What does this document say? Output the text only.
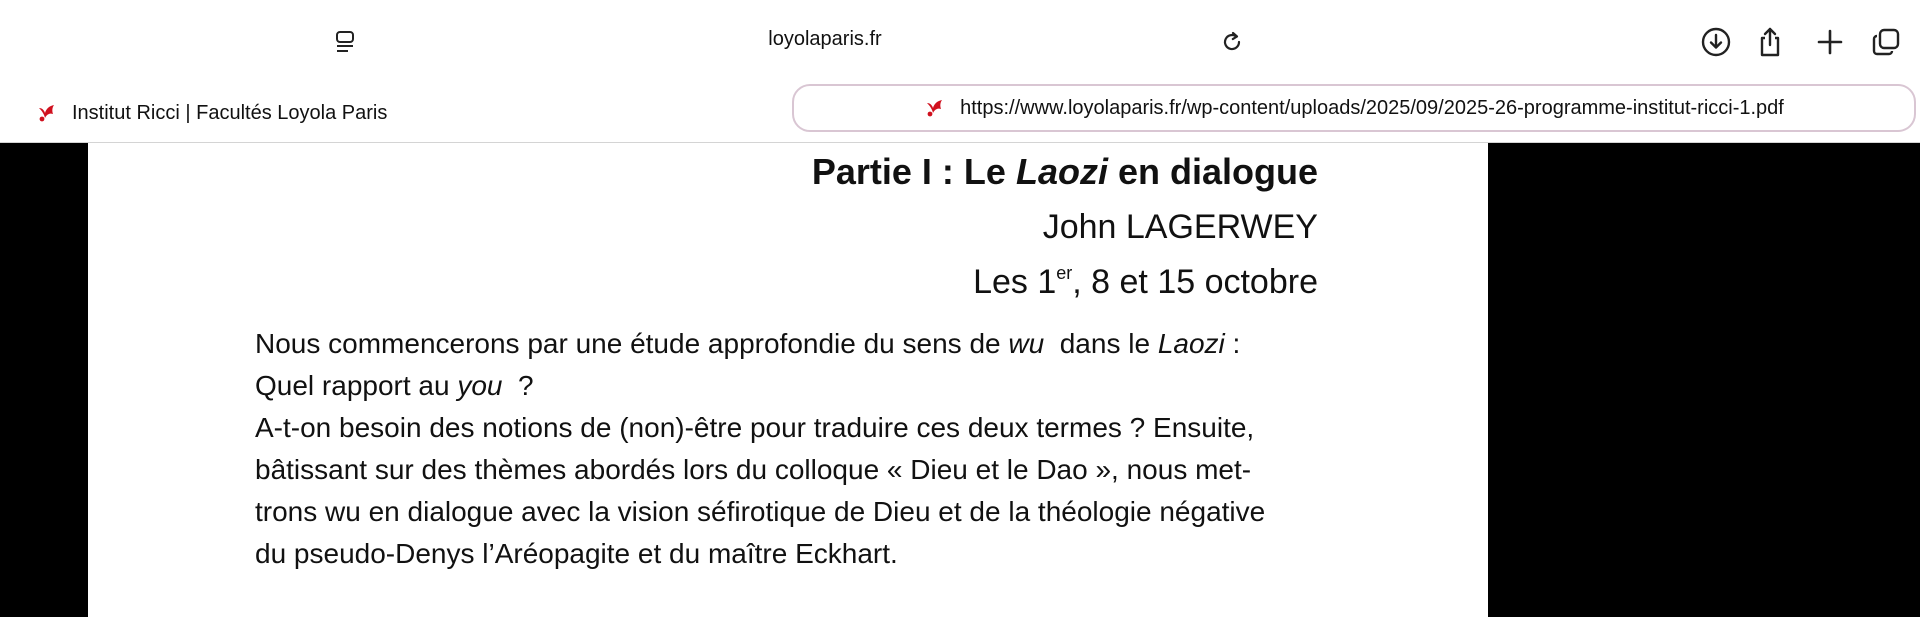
loyolaparis.fr
Institut Ricci | Facultés Loyola Paris	https://www.loyolaparis.fr/wp-content/uploads/2025/09/2025-26-programme-institut-ricci-1.pdf
Partie I : Le Laozi en dialogue
John LAGERWEY
Les 1er, 8 et 15 octobre

Nous commencerons par une étude approfondie du sens de wu  dans le Laozi :

Quel rapport au you  ?

A-t-on besoin des notions de (non)-être pour traduire ces deux termes ? Ensuite,

bâtissant sur des thèmes abordés lors du colloque « Dieu et le Dao », nous met-

trons wu en dialogue avec la vision séfirotique de Dieu et de la théologie négative

du pseudo-Denys l’Aréopagite et du maître Eckhart.
